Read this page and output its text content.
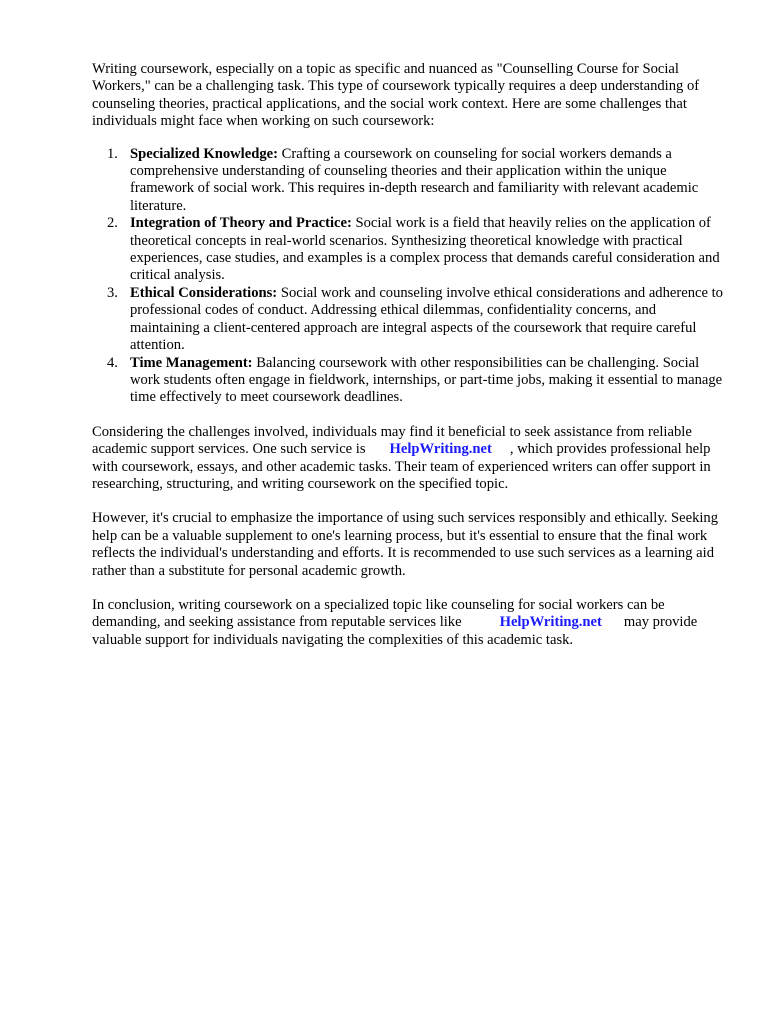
Writing coursework, especially on a topic as specific and nuanced as "Counselling Course for Social Workers," can be a challenging task. This type of coursework typically requires a deep understanding of counseling theories, practical applications, and the social work context. Here are some challenges that individuals might face when working on such coursework:

1. Specialized Knowledge: Crafting a coursework on counseling for social workers demands a comprehensive understanding of counseling theories and their application within the unique framework of social work. This requires in-depth research and familiarity with relevant academic literature.
2. Integration of Theory and Practice: Social work is a field that heavily relies on the application of theoretical concepts in real-world scenarios. Synthesizing theoretical knowledge with practical experiences, case studies, and examples is a complex process that demands careful consideration and critical analysis.
3. Ethical Considerations: Social work and counseling involve ethical considerations and adherence to professional codes of conduct. Addressing ethical dilemmas, confidentiality concerns, and maintaining a client-centered approach are integral aspects of the coursework that require careful attention.
4. Time Management: Balancing coursework with other responsibilities can be challenging. Social work students often engage in fieldwork, internships, or part-time jobs, making it essential to manage time effectively to meet coursework deadlines.

Considering the challenges involved, individuals may find it beneficial to seek assistance from reliable academic support services. One such service is HelpWriting.net , which provides professional help with coursework, essays, and other academic tasks. Their team of experienced writers can offer support in researching, structuring, and writing coursework on the specified topic.

However, it's crucial to emphasize the importance of using such services responsibly and ethically. Seeking help can be a valuable supplement to one's learning process, but it's essential to ensure that the final work reflects the individual's understanding and efforts. It is recommended to use such services as a learning aid rather than a substitute for personal academic growth.

In conclusion, writing coursework on a specialized topic like counseling for social workers can be demanding, and seeking assistance from reputable services like	HelpWriting.net may provide valuable support for individuals navigating the complexities of this academic task.
